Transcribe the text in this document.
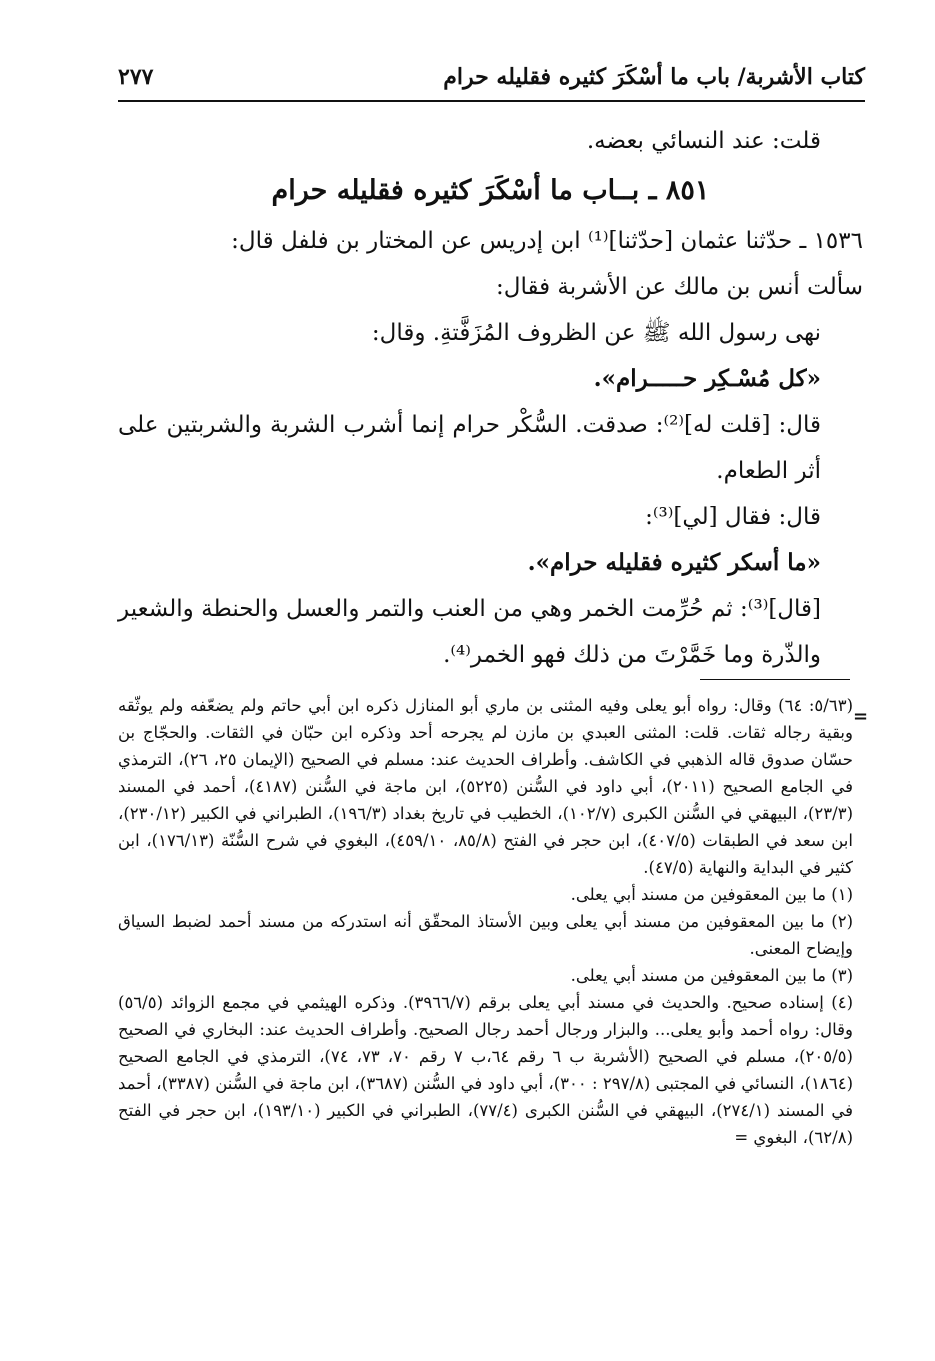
كتاب الأشربة/ باب ما أسْكَرَ كثيره فقليله حرام
٢٧٧

قلت: عند النسائي بعضه.

٨٥١ ـ بــاب ما أسْكَرَ كثيره فقليله حرام

١٥٣٦ ـ حدّثنا عثمان [حدّثنا]⁽¹⁾ ابن إدريس عن المختار بن فلفل قال:

سألت أنس بن مالك عن الأشربة فقال:

نهى رسول الله ﷺ عن الظروف المُزَفَّتةِ. وقال:

«كل مُسْـكِر حـــــرام».

قال: [قلت له]⁽²⁾: صدقت. السُّكْر حرام إنما أشرب الشربة والشربتين على أثر الطعام.

قال: فقال [لي]⁽³⁾:

«ما أسكر كثيره فقليله حرام».

[قال]⁽³⁾: ثم حُرِّمت الخمر وهي من العنب والتمر والعسل والحنطة والشعير والذّرة وما خَمَّرْتَ من ذلك فهو الخمر⁽⁴⁾.

=

(٥/٦٣: ٦٤) وقال: رواه أبو يعلى وفيه المثنى بن ماري أبو المنازل ذكره ابن أبي حاتم ولم يضعّفه ولم يوثّقه وبقية رجاله ثقات. قلت: المثنى العبدي بن مازن لم يجرحه أحد وذكره ابن حبّان في الثقات. والحجّاج بن حسّان صدوق قاله الذهبي في الكاشف. وأطراف الحديث عند: مسلم في الصحيح (الإيمان ٢٥، ٢٦)، الترمذي في الجامع الصحيح (٢٠١١)، أبي داود في السُّنن (٥٢٢٥)، ابن ماجة في السُّنن (٤١٨٧)، أحمد في المسند (٢٣/٣)، البيهقي في السُّنن الكبرى (١٠٢/٧)، الخطيب في تاريخ بغداد (١٩٦/٣)، الطبراني في الكبير (٢٣٠/١٢)، ابن سعد في الطبقات (٤٠٧/٥)، ابن حجر في الفتح (٨٥/٨، ٤٥٩/١٠)، البغوي في شرح السُّنّة (١٧٦/١٣)، ابن كثير في البداية والنهاية (٤٧/٥).

(١) ما بين المعقوفين من مسند أبي يعلى.

(٢) ما بين المعقوفين من مسند أبي يعلى وبين الأستاذ المحقّق أنه استدركه من مسند أحمد لضبط السياق وإيضاح المعنى.

(٣) ما بين المعقوفين من مسند أبي يعلى.

(٤) إسناده صحيح. والحديث في مسند أبي يعلى برقم (٣٩٦٦/٧). وذكره الهيثمي في مجمع الزوائد (٥٦/٥) وقال: رواه أحمد وأبو يعلى... والبزار ورجال أحمد رجال الصحيح. وأطراف الحديث عند: البخاري في الصحيح (٢٠٥/٥)، مسلم في الصحيح (الأشربة ب ٦ رقم ٦٤،ب ٧ رقم ٧٠، ٧٣، ٧٤)، الترمذي في الجامع الصحيح (١٨٦٤)، النسائي في المجتبى (٢٩٧/٨ : ٣٠٠)، أبي داود في السُّنن (٣٦٨٧)، ابن ماجة في السُّنن (٣٣٨٧)، أحمد في المسند (٢٧٤/١)، البيهقي في السُّنن الكبرى (٧٧/٤)، الطبراني في الكبير (١٩٣/١٠)، ابن حجر في الفتح (٦٢/٨)، البغوي =
